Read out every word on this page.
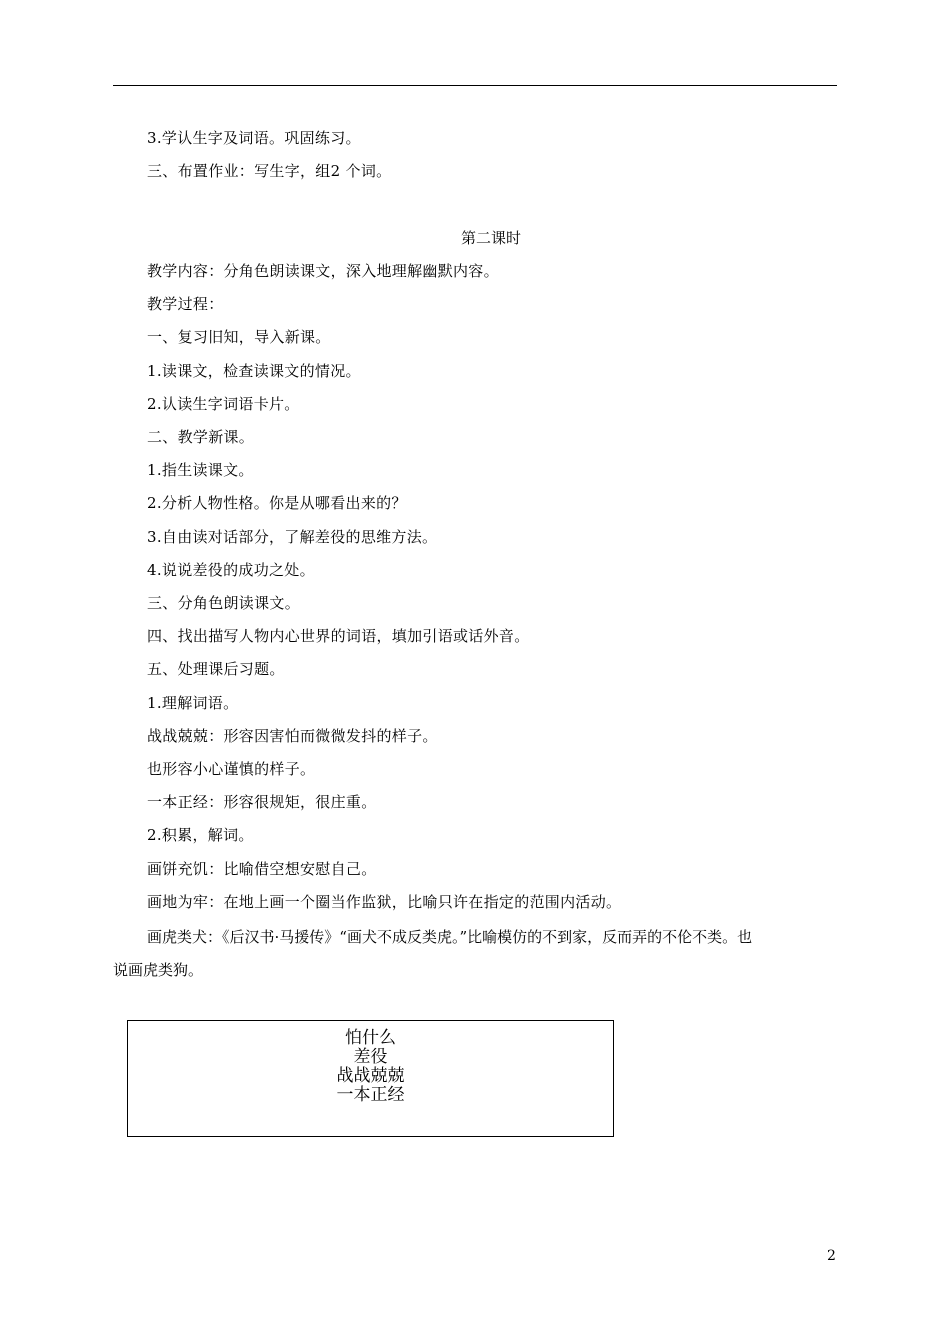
3.学认生字及词语。巩固练习。
三、布置作业：写生字，组2 个词。
第二课时
教学内容：分角色朗读课文，深入地理解幽默内容。
教学过程：
一、复习旧知，导入新课。
1.读课文，检查读课文的情况。
2.认读生字词语卡片。
二、教学新课。
1.指生读课文。
2.分析人物性格。你是从哪看出来的？
3.自由读对话部分，了解差役的思维方法。
4.说说差役的成功之处。
三、分角色朗读课文。
四、找出描写人物内心世界的词语，填加引语或话外音。
五、处理课后习题。
1.理解词语。
战战兢兢：形容因害怕而微微发抖的样子。
也形容小心谨慎的样子。
一本正经：形容很规矩，很庄重。
2.积累，解词。
画饼充饥：比喻借空想安慰自己。
画地为牢：在地上画一个圈当作监狱，比喻只许在指定的范围内活动。
画虎类犬：《后汉书·马援传》“画犬不成反类虎。”比喻模仿的不到家，反而弄的不伦不类。也
说画虎类狗。
怕什么
差役
战战兢兢
一本正经
2
